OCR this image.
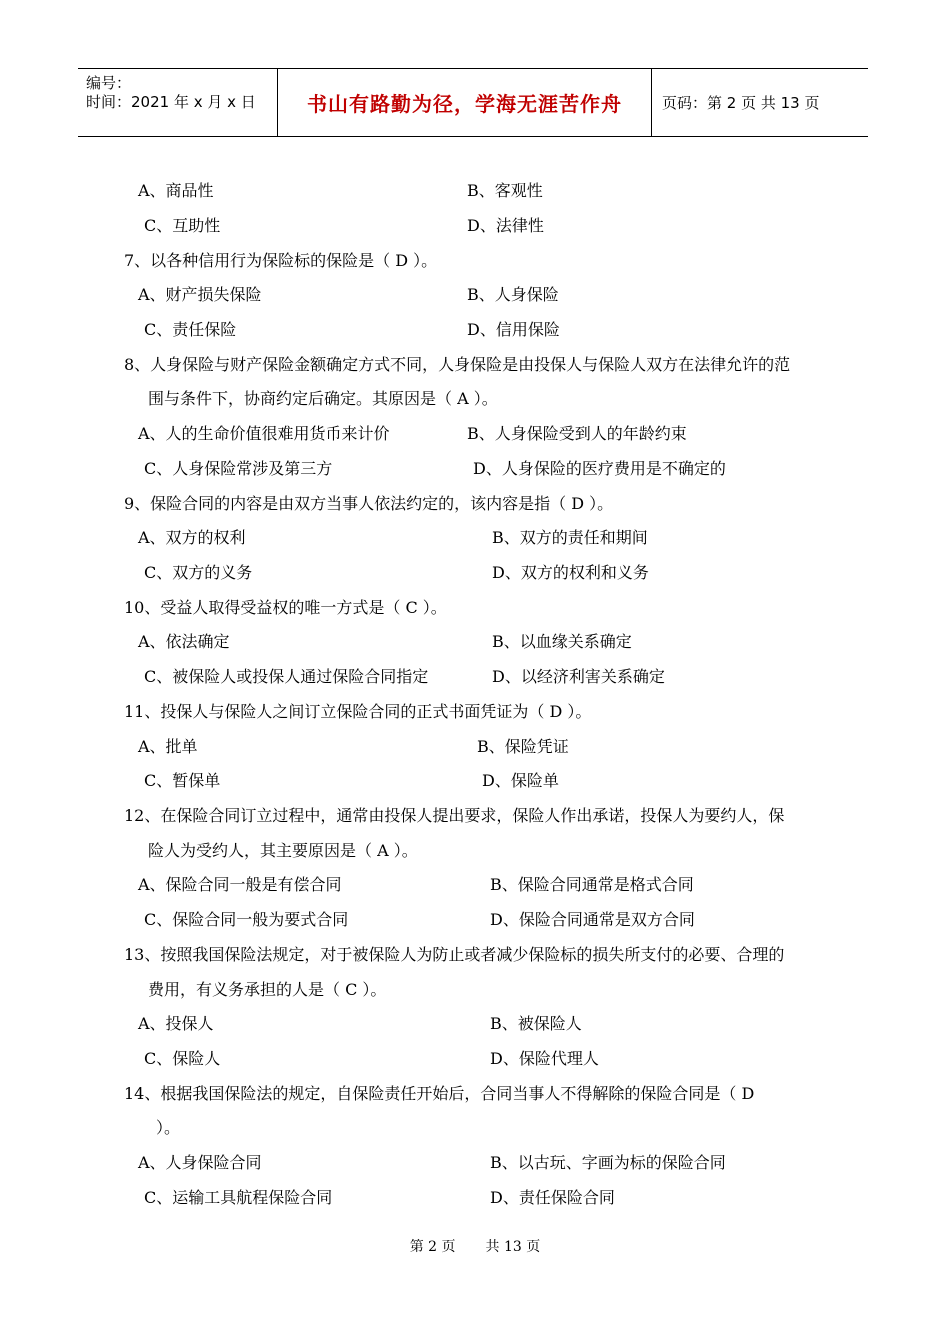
编号：
时间：2021 年 x 月 x 日	书山有路勤为径，学海无涯苦作舟	页码：第 2 页 共 13 页
A、商品性	B、客观性
C、互助性	D、法律性
7、以各种信用行为保险标的保险是（ D ）。
A、财产损失保险	B、人身保险
C、责任保险	D、信用保险
8、人身保险与财产保险金额确定方式不同，人身保险是由投保人与保险人双方在法律允许的范
围与条件下，协商约定后确定。其原因是（ A ）。
A、人的生命价值很难用货币来计价	B、人身保险受到人的年龄约束
C、人身保险常涉及第三方	D、人身保险的医疗费用是不确定的
9、保险合同的内容是由双方当事人依法约定的，该内容是指（ D ）。
A、双方的权利	B、双方的责任和期间
C、双方的义务	D、双方的权利和义务
10、受益人取得受益权的唯一方式是（ C ）。
A、依法确定	B、以血缘关系确定
C、被保险人或投保人通过保险合同指定	D、以经济利害关系确定
11、投保人与保险人之间订立保险合同的正式书面凭证为（ D ）。
A、批单	B、保险凭证
C、暂保单	D、保险单
12、在保险合同订立过程中，通常由投保人提出要求，保险人作出承诺，投保人为要约人，保
险人为受约人，其主要原因是（ A ）。
A、保险合同一般是有偿合同	B、保险合同通常是格式合同
C、保险合同一般为要式合同	D、保险合同通常是双方合同
13、按照我国保险法规定，对于被保险人为防止或者减少保险标的损失所支付的必要、合理的
费用，有义务承担的人是（ C ）。
A、投保人	B、被保险人
C、保险人	D、保险代理人
14、根据我国保险法的规定，自保险责任开始后，合同当事人不得解除的保险合同是（ D
）。
A、人身保险合同	B、以古玩、字画为标的保险合同
C、运输工具航程保险合同	D、责任保险合同
第 2 页 共 13 页
